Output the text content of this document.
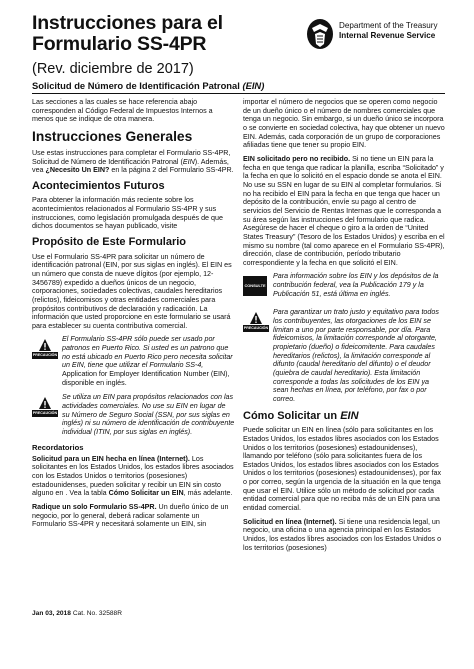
Instrucciones para el
Formulario SS-4PR
(Rev. diciembre de 2017)
Solicitud de Número de Identificación Patronal (EIN)
Department of the Treasury
Internal Revenue Service
Las secciones a las cuales se hace referencia abajo corresponden al Código Federal de Impuestos Internos a menos que se indique de otra manera.
Instrucciones Generales
Use estas instrucciones para completar el Formulario SS-4PR, Solicitud de Número de Identificación Patronal (EIN). Además, vea ¿Necesito Un EIN? en la página 2 del Formulario SS-4PR.
Acontecimientos Futuros
Para obtener la información más reciente sobre los acontecimientos relacionados al Formulario SS-4PR y sus instrucciones, como legislación promulgada después de que dichos documentos se hayan publicado, visite
Propósito de Este Formulario
Use el Formulario SS-4PR para solicitar un número de identificación patronal (EIN, por sus siglas en inglés). El EIN es un número que consta de nueve dígitos (por ejemplo, 12-3456789) expedido a dueños únicos de un negocio, corporaciones, sociedades colectivas, caudales hereditarios (relictos), fideicomisos y otras entidades comerciales para propósitos contributivos de declaración y radicación. La información que usted proporcione en este formulario se usará para establecer su cuenta contributiva comercial.
PRECAUCIÓN
El Formulario SS-4PR sólo puede ser usado por patronos en Puerto Rico. Si usted es un patrono que no está ubicado en Puerto Rico pero necesita solicitar un EIN, tiene que utilizar el Formulario SS-4, Application for Employer Identification Number (EIN), disponible en inglés.
PRECAUCIÓN
Se utiliza un EIN para propósitos relacionados con las actividades comerciales. No use su EIN en lugar de su Número de Seguro Social (SSN, por sus siglas en inglés) ni su número de identificación de contribuyente individual (ITIN, por sus siglas en inglés).
Recordatorios
Solicitud para un EIN hecha en línea (Internet). Los solicitantes en los Estados Unidos, los estados libres asociados con los Estados Unidos o territorios (posesiones) estadounidenses, pueden solicitar y recibir un EIN sin costo alguno en . Vea la tabla Cómo Solicitar un EIN, más adelante.
Radique un solo Formulario SS-4PR. Un dueño único de un negocio, por lo general, deberá radicar solamente un Formulario SS-4PR y necesitará solamente un EIN, sin
importar el número de negocios que se operen como negocio de un dueño único o el número de nombres comerciales que tenga un negocio. Sin embargo, si un dueño único se incorpora o se convierte en sociedad colectiva, hay que obtener un nuevo EIN. Además, cada corporación de un grupo de corporaciones afiliadas tiene que tener su propio EIN.
EIN solicitado pero no recibido. Si no tiene un EIN para la fecha en que tenga que radicar la planilla, escriba “Solicitado” y la fecha en que lo solicitó en el espacio donde se anota el EIN. No use su SSN en lugar de su EIN al completar formularios. Si no ha recibido el EIN para la fecha en que tenga que hacer un depósito de la contribución, envíe su pago al centro de servicios del Servicio de Rentas Internas que le corresponda a su área según las instrucciones del formulario que radica. Asegúrese de hacer el cheque o giro a la orden de “United States Treasury” (Tesoro de los Estados Unidos) y escriba en el mismo su nombre (tal como aparece en el Formulario SS-4PR), dirección, clase de contribución, período tributario correspondiente y la fecha en que solicitó el EIN.
CONSULTE
Para información sobre los EIN y los depósitos de la contribución federal, vea la Publicación 179 y la Publicación 51, está última en inglés.
PRECAUCIÓN
Para garantizar un trato justo y equitativo para todos los contribuyentes, las otorgaciones de los EIN se limitan a uno por parte responsable, por día. Para fideicomisos, la limitación corresponde al otorgante, propietario (dueño) o fideicomitente. Para caudales hereditarios (relictos), la limitación corresponde al difunto (caudal hereditario del difunto) o el deudor (quiebra de caudal hereditario). Esta limitación corresponde a todas las solicitudes de los EIN ya sean hechas en línea, por teléfono, por fax o por correo.
Cómo Solicitar un EIN
Puede solicitar un EIN en línea (sólo para solicitantes en los Estados Unidos, los estados libres asociados con los Estados Unidos o los territorios (posesiones) estadounidenses), llamando por teléfono (sólo para solicitantes fuera de los Estados Unidos, los estados libres asociados con los Estados Unidos o los territorios (posesiones) estadounidenses), por fax o por correo, según la urgencia de la situación en la que tenga que usar el EIN. Utilice sólo un método de solicitud por cada entidad comercial para que no reciba más de un EIN para una entidad comercial.
Solicitud en línea (Internet). Si tiene una residencia legal, un negocio, una oficina o una agencia principal en los Estados Unidos, los estados libres asociados con los Estados Unidos o los territorios (posesiones)
Jan 03, 2018 Cat. No. 32588R
